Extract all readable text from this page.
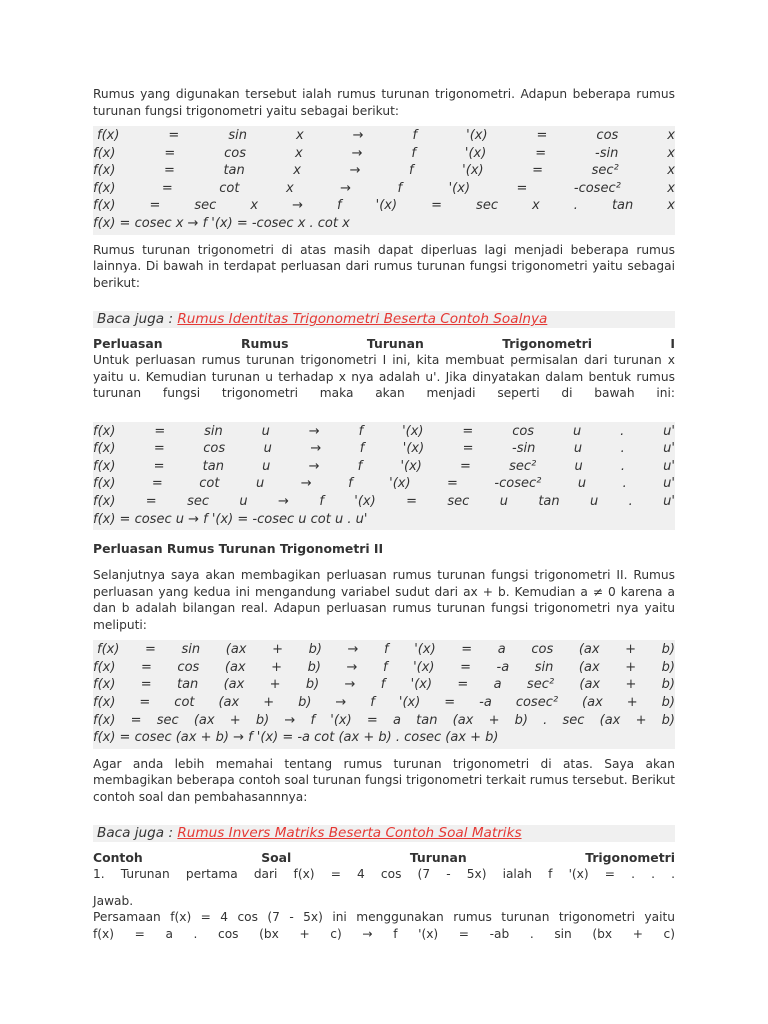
Rumus yang digunakan tersebut ialah rumus turunan trigonometri. Adapun beberapa rumus turunan fungsi trigonometri yaitu sebagai berikut:

f(x) = sin x → f '(x) = cos x
f(x) = cos x → f '(x) = -sin x
f(x) = tan x → f '(x) = sec² x
f(x) = cot x → f '(x) = -cosec² x
f(x) = sec x → f '(x) = sec x . tan x
f(x) = cosec x → f '(x) = -cosec x . cot x

Rumus turunan trigonometri di atas masih dapat diperluas lagi menjadi beberapa rumus lainnya. Di bawah in terdapat perluasan dari rumus turunan fungsi trigonometri yaitu sebagai berikut:

Baca juga : Rumus Identitas Trigonometri Beserta Contoh Soalnya
Perluasan Rumus Turunan Trigonometri I

Untuk perluasan rumus turunan trigonometri I ini, kita membuat permisalan dari turunan x yaitu u. Kemudian turunan u terhadap x nya adalah u'. Jika dinyatakan dalam bentuk rumus turunan fungsi trigonometri maka akan menjadi seperti di bawah ini:

f(x) = sin u → f '(x) = cos u . u'
f(x) = cos u → f '(x) = -sin u . u'
f(x) = tan u → f '(x) = sec² u . u'
f(x) = cot u → f '(x) = -cosec² u . u'
f(x) = sec u → f '(x) = sec u tan u . u'
f(x) = cosec u → f '(x) = -cosec u cot u . u'
Perluasan Rumus Turunan Trigonometri II

Selanjutnya saya akan membagikan perluasan rumus turunan fungsi trigonometri II. Rumus perluasan yang kedua ini mengandung variabel sudut dari ax + b. Kemudian a ≠ 0 karena a dan b adalah bilangan real. Adapun perluasan rumus turunan fungsi trigonometri nya yaitu meliputi:

f(x) = sin (ax + b) → f '(x) = a cos (ax + b)
f(x) = cos (ax + b) → f '(x) = -a sin (ax + b)
f(x) = tan (ax + b) → f '(x) = a sec² (ax + b)
f(x) = cot (ax + b) → f '(x) = -a cosec² (ax + b)
f(x) = sec (ax + b) → f '(x) = a tan (ax + b) . sec (ax + b)
f(x) = cosec (ax + b) → f '(x) = -a cot (ax + b) . cosec (ax + b)

Agar anda lebih memahai tentang rumus turunan trigonometri di atas. Saya akan membagikan beberapa contoh soal turunan fungsi trigonometri terkait rumus tersebut. Berikut contoh soal dan pembahasannnya:

Baca juga : Rumus Invers Matriks Beserta Contoh Soal Matriks
Contoh Soal Turunan Trigonometri

1. Turunan pertama dari f(x) = 4 cos (7 - 5x) ialah f '(x) = . . .

Jawab.

Persamaan f(x) = 4 cos (7 - 5x) ini menggunakan rumus turunan trigonometri yaitu

f(x) = a . cos (bx + c) → f '(x) = -ab . sin (bx + c)
